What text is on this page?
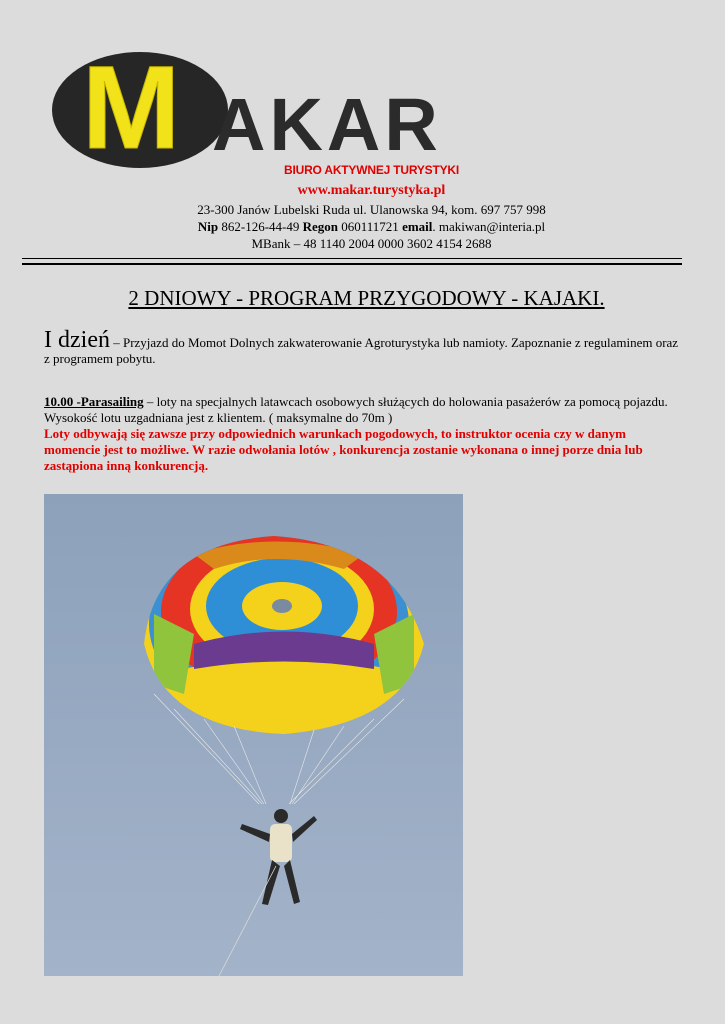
M AKAR
BIURO AKTYWNEJ TURYSTYKI
www.makar.turystyka.pl
23-300 Janów Lubelski Ruda ul. Ulanowska 94, kom. 697 757 998
Nip 862-126-44-49 Regon 060111721 email. makiwan@interia.pl
MBank – 48 1140 2004 0000 3602 4154 2688
2 DNIOWY - PROGRAM PRZYGODOWY - KAJAKI.
I dzień – Przyjazd do Momot Dolnych zakwaterowanie Agroturystyka lub namioty. Zapoznanie z regulaminem oraz z programem pobytu.
10.00 -Parasailing – loty na specjalnych latawcach osobowych służących do holowania pasażerów za pomocą pojazdu. Wysokość lotu uzgadniana jest z klientem. ( maksymalne do 70m )
Loty odbywają się zawsze przy odpowiednich warunkach pogodowych, to instruktor ocenia czy w danym momencie jest to możliwe. W razie odwołania lotów , konkurencja zostanie wykonana o innej porze dnia lub zastąpiona inną konkurencją.
